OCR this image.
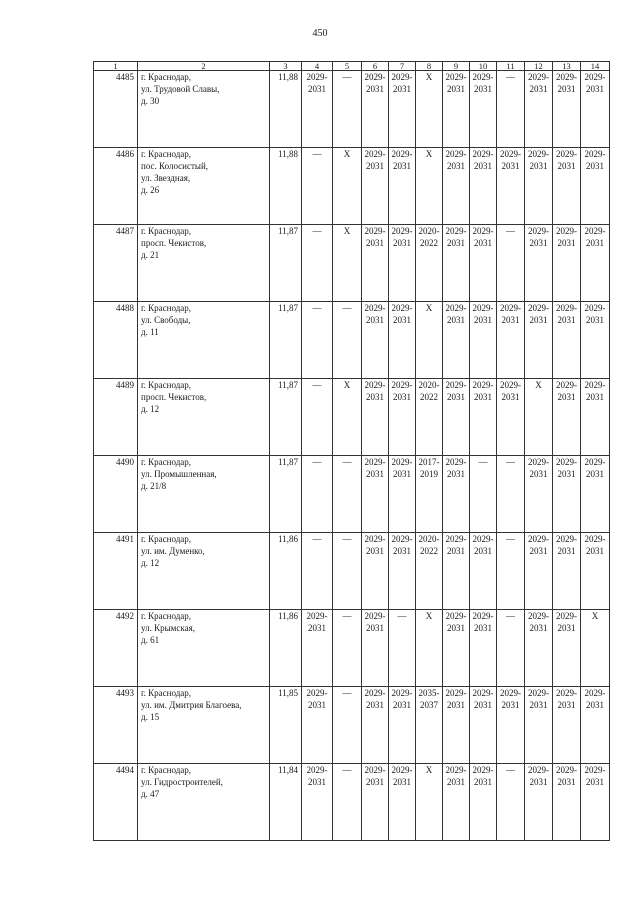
450
1	2	3	4	5	6	7	8	9	10	11	12	13	14
4485	г. Краснодар,
ул. Трудовой Славы,
д. 30	11,88	2029-
2031	—	2029-
2031	2029-
2031	Х	2029-
2031	2029-
2031	—	2029-
2031	2029-
2031	2029-
2031
4486	г. Краснодар,
пос. Колосистый,
ул. Звездная,
д. 26	11,88	—	Х	2029-
2031	2029-
2031	Х	2029-
2031	2029-
2031	2029-
2031	2029-
2031	2029-
2031	2029-
2031
4487	г. Краснодар,
просп. Чекистов,
д. 21	11,87	—	Х	2029-
2031	2029-
2031	2020-
2022	2029-
2031	2029-
2031	—	2029-
2031	2029-
2031	2029-
2031
4488	г. Краснодар,
ул. Свободы,
д. 11	11,87	—	—	2029-
2031	2029-
2031	Х	2029-
2031	2029-
2031	2029-
2031	2029-
2031	2029-
2031	2029-
2031
4489	г. Краснодар,
просп. Чекистов,
д. 12	11,87	—	Х	2029-
2031	2029-
2031	2020-
2022	2029-
2031	2029-
2031	2029-
2031	Х	2029-
2031	2029-
2031
4490	г. Краснодар,
ул. Промышленная,
д. 21/8	11,87	—	—	2029-
2031	2029-
2031	2017-
2019	2029-
2031	—	—	2029-
2031	2029-
2031	2029-
2031
4491	г. Краснодар,
ул. им. Думенко,
д. 12	11,86	—	—	2029-
2031	2029-
2031	2020-
2022	2029-
2031	2029-
2031	—	2029-
2031	2029-
2031	2029-
2031
4492	г. Краснодар,
ул. Крымская,
д. 61	11,86	2029-
2031	—	2029-
2031	—	Х	2029-
2031	2029-
2031	—	2029-
2031	2029-
2031	Х
4493	г. Краснодар,
ул. им. Дмитрия Благоева,
д. 15	11,85	2029-
2031	—	2029-
2031	2029-
2031	2035-
2037	2029-
2031	2029-
2031	2029-
2031	2029-
2031	2029-
2031	2029-
2031
4494	г. Краснодар,
ул. Гидростроителей,
д. 47	11,84	2029-
2031	—	2029-
2031	2029-
2031	Х	2029-
2031	2029-
2031	—	2029-
2031	2029-
2031	2029-
2031
